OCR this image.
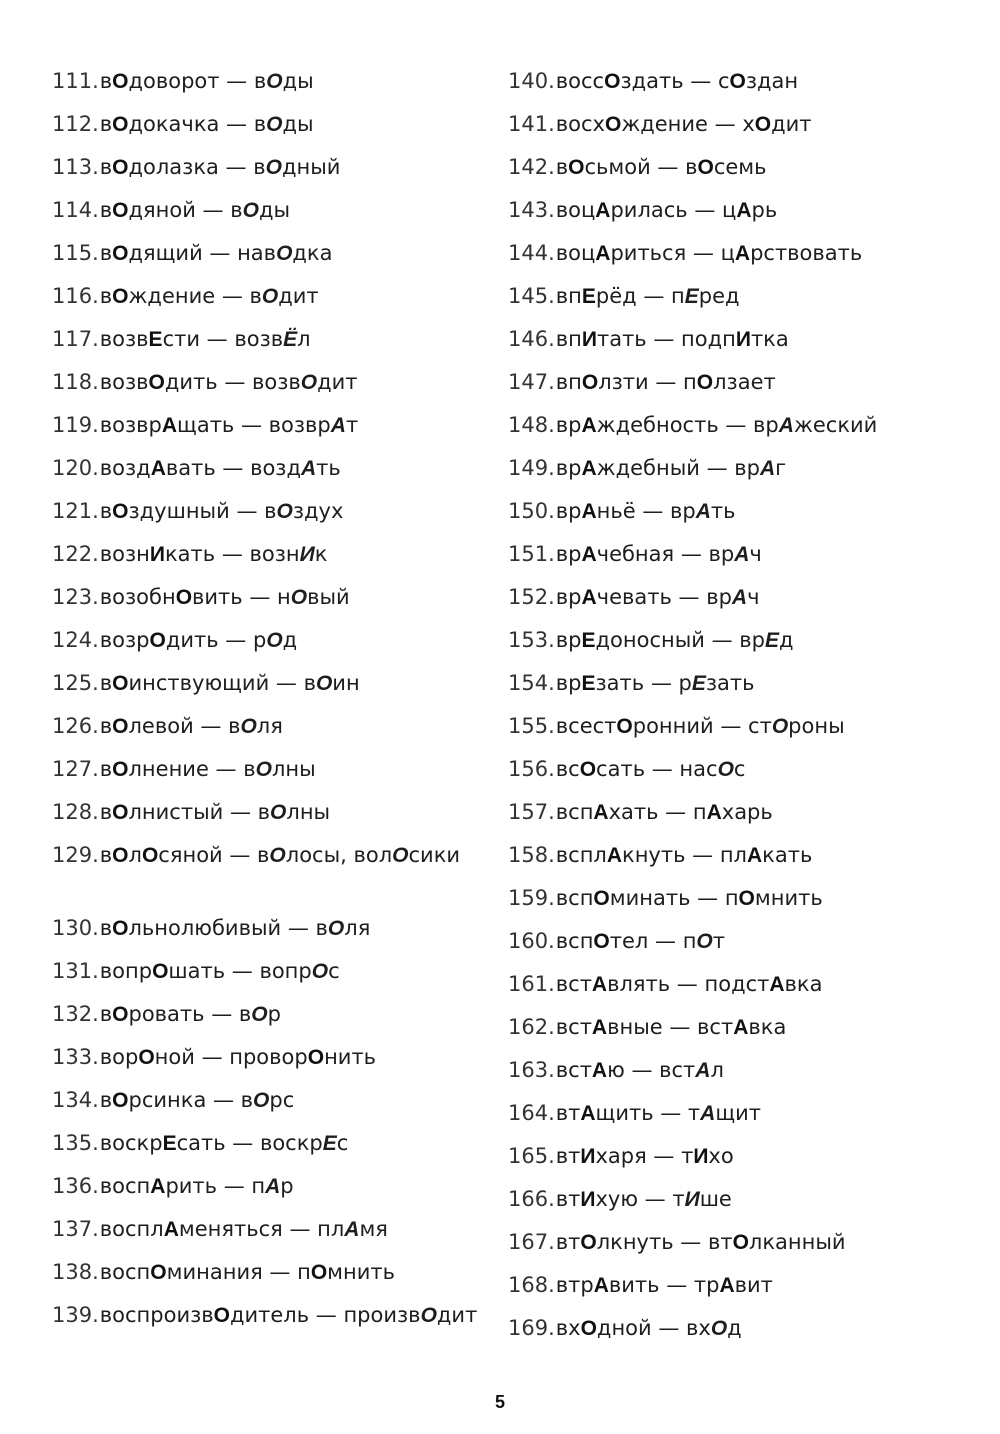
111. вОдоворот — вОды
112. вОдокачка — вОды
113. вОдолазка — вОдный
114. вОдяной — вОды
115. вОдящий — навОдка
116. вОждение — вОдит
117. возвЕсти — возвЁл
118. возвОдить — возвОдит
119. возврАщать — возврАт
120. воздАвать — воздАть
121. вОздушный — вОздух
122. вознИкать — вознИк
123. возобнОвить — нОвый
124. возрОдить — рОд
125. вОинствующий — вОин
126. вОлевой — вОля
127. вОлнение — вОлны
128. вОлнистый — вОлны
129. вОлОсяной — вОлосы, волОсики
130. вОльнолюбивый — вОля
131. вопрОшать — вопрОс
132. вОровать — вОр
133. ворОной — проворОнить
134. вОрсинка — вОрс
135. воскрЕсать — воскрЕс
136. воспАрить — пАр
137. восплАменяться — плАмя
138. воспОминания — пОмнить
139. воспроизвОдитель — произвОдит
140. воссОздать — сОздан
141. восхОждение — хОдит
142. вОсьмой — вОсемь
143. воцАрилась — цАрь
144. воцАриться — цАрствовать
145. впЕрёд — пЕред
146. впИтать — подпИтка
147. впОлзти — пОлзает
148. врАждебность — врАжеский
149. врАждебный — врАг
150. врАньё — врАть
151. врАчебная — врАч
152. врАчевать — врАч
153. врЕдоносный — врЕд
154. врЕзать — рЕзать
155. всестОронний — стОроны
156. всОсать — насОс
157. вспАхать — пАхарь
158. всплАкнуть — плАкать
159. вспОминать — пОмнить
160. вспОтел — пОт
161. встАвлять — подстАвка
162. встАвные — встАвка
163. встАю — встАл
164. втАщить — тАщит
165. втИхаря — тИхо
166. втИхую — тИше
167. втОлкнуть — втОлканный
168. втрАвить — трАвит
169. вхОдной — вхОд
5
